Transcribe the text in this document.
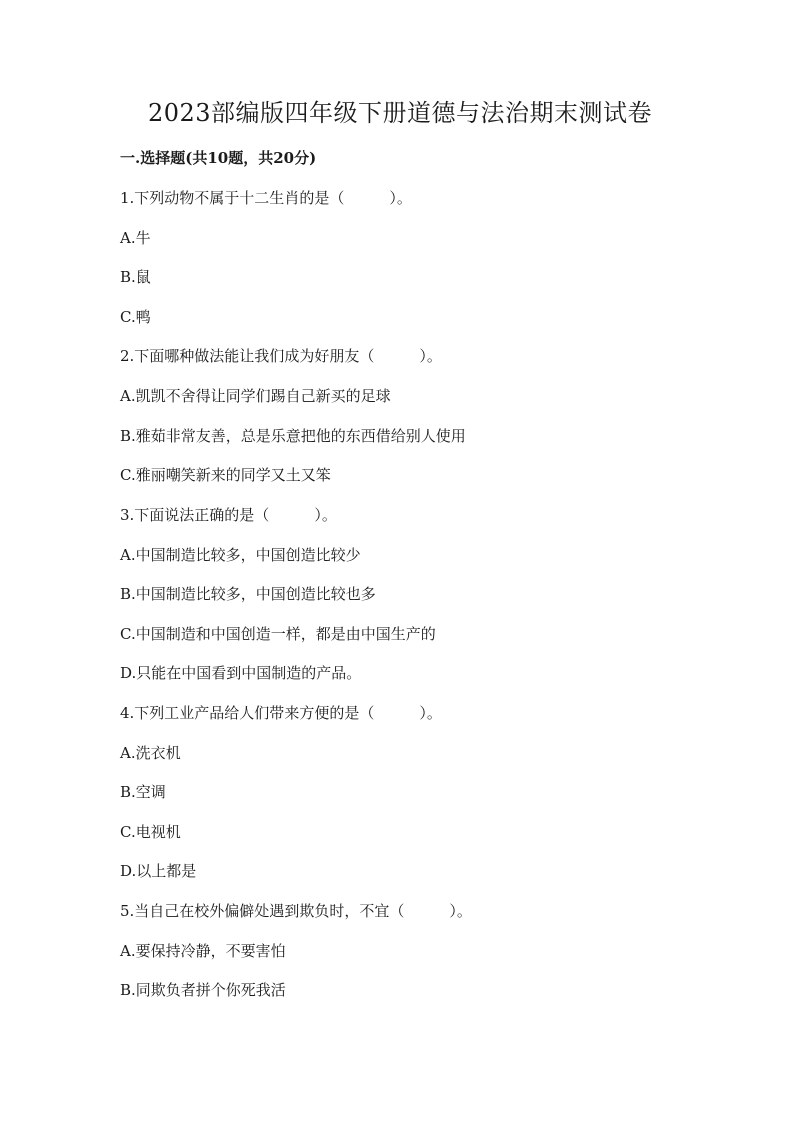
2023部编版四年级下册道德与法治期末测试卷
一.选择题(共10题，共20分)
1.下列动物不属于十二生肖的是（　　　）。
A.牛
B.鼠
C.鸭
2.下面哪种做法能让我们成为好朋友（　　　）。
A.凯凯不舍得让同学们踢自己新买的足球
B.雅茹非常友善，总是乐意把他的东西借给别人使用
C.雅丽嘲笑新来的同学又土又笨
3.下面说法正确的是（　　　）。
A.中国制造比较多，中国创造比较少
B.中国制造比较多，中国创造比较也多
C.中国制造和中国创造一样，都是由中国生产的
D.只能在中国看到中国制造的产品。
4.下列工业产品给人们带来方便的是（　　　）。
A.洗衣机
B.空调
C.电视机
D.以上都是
5.当自己在校外偏僻处遇到欺负时，不宜（　　　）。
A.要保持冷静，不要害怕
B.同欺负者拼个你死我活
